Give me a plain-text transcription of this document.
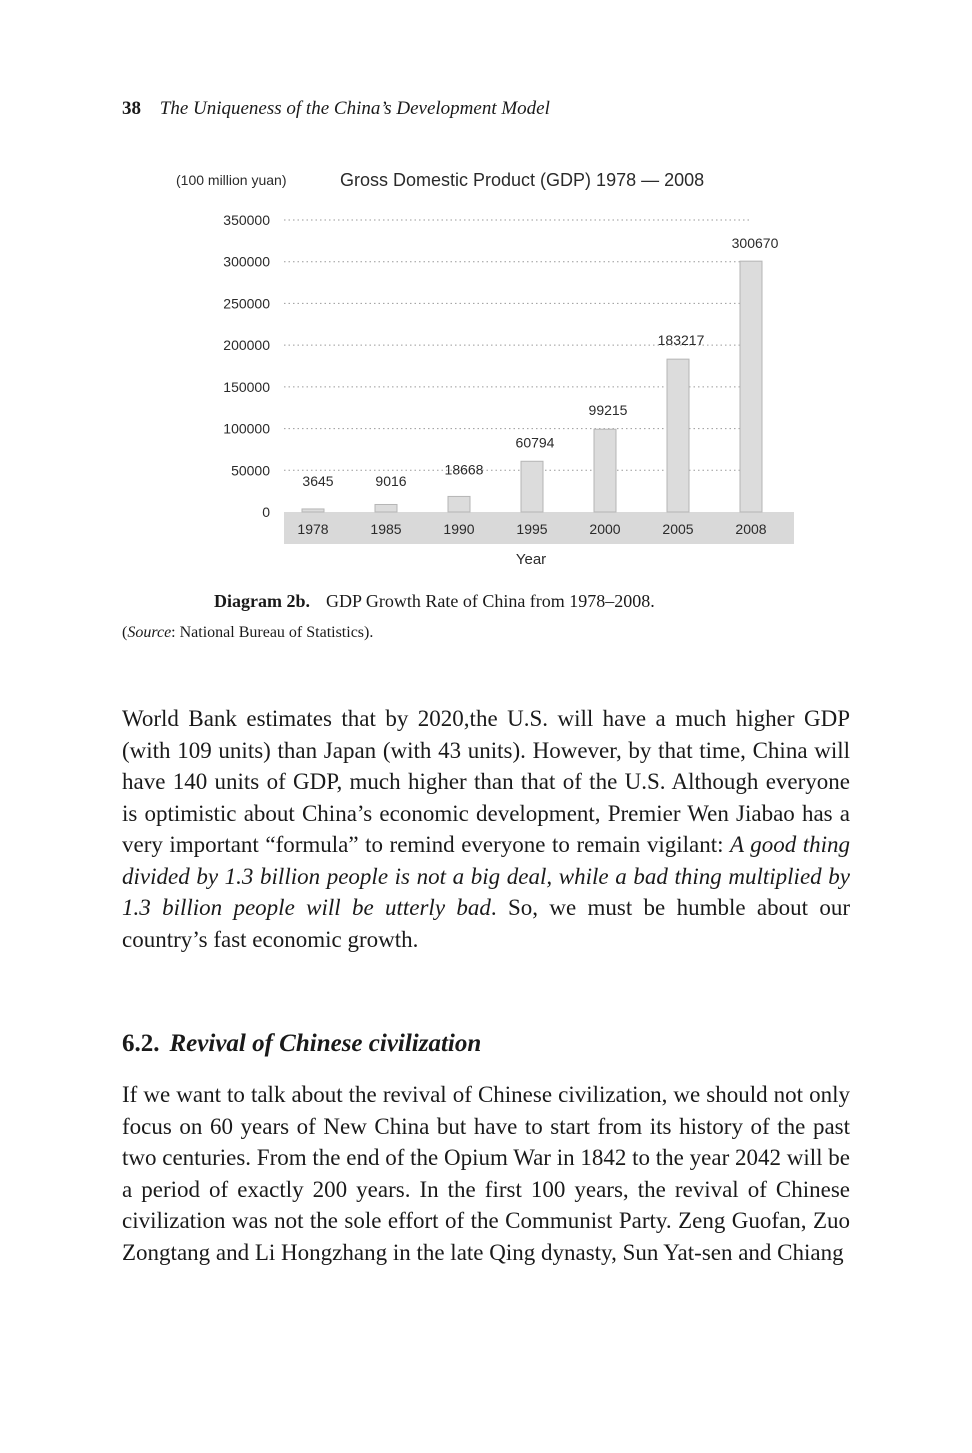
38 The Uniqueness of the China’s Development Model
(100 million yuan)	Gross Domestic Product (GDP) 1978 — 2008
350000
300000
250000
200000
150000
100000
50000
0
1978	1985	1990	1995	2000	2005	2008
3645	9016
18668
60794
99215
183217
300670
Year
Diagram 2b. GDP Growth Rate of China from 1978–2008.
(Source: National Bureau of Statistics).

World Bank estimates that by 2020,the U.S. will have a much higher GDP (with 109 units) than Japan (with 43 units). However, by that time, China will have 140 units of GDP, much higher than that of the U.S. Although everyone is optimistic about China’s economic development, Premier Wen Jiabao has a very important “formula” to remind everyone to remain vigilant: A good thing divided by 1.3 billion people is not a big deal, while a bad thing multiplied by 1.3 billion people will be utterly bad. So, we must be humble about our country’s fast economic growth.

6.2. Revival of Chinese civilization

If we want to talk about the revival of Chinese civilization, we should not only focus on 60 years of New China but have to start from its history of the past two centuries. From the end of the Opium War in 1842 to the year 2042 will be a period of exactly 200 years. In the first 100 years, the revival of Chinese civilization was not the sole effort of the Communist Party. Zeng Guofan, Zuo Zongtang and Li Hongzhang in the late Qing dynasty, Sun Yat-sen and Chiang
